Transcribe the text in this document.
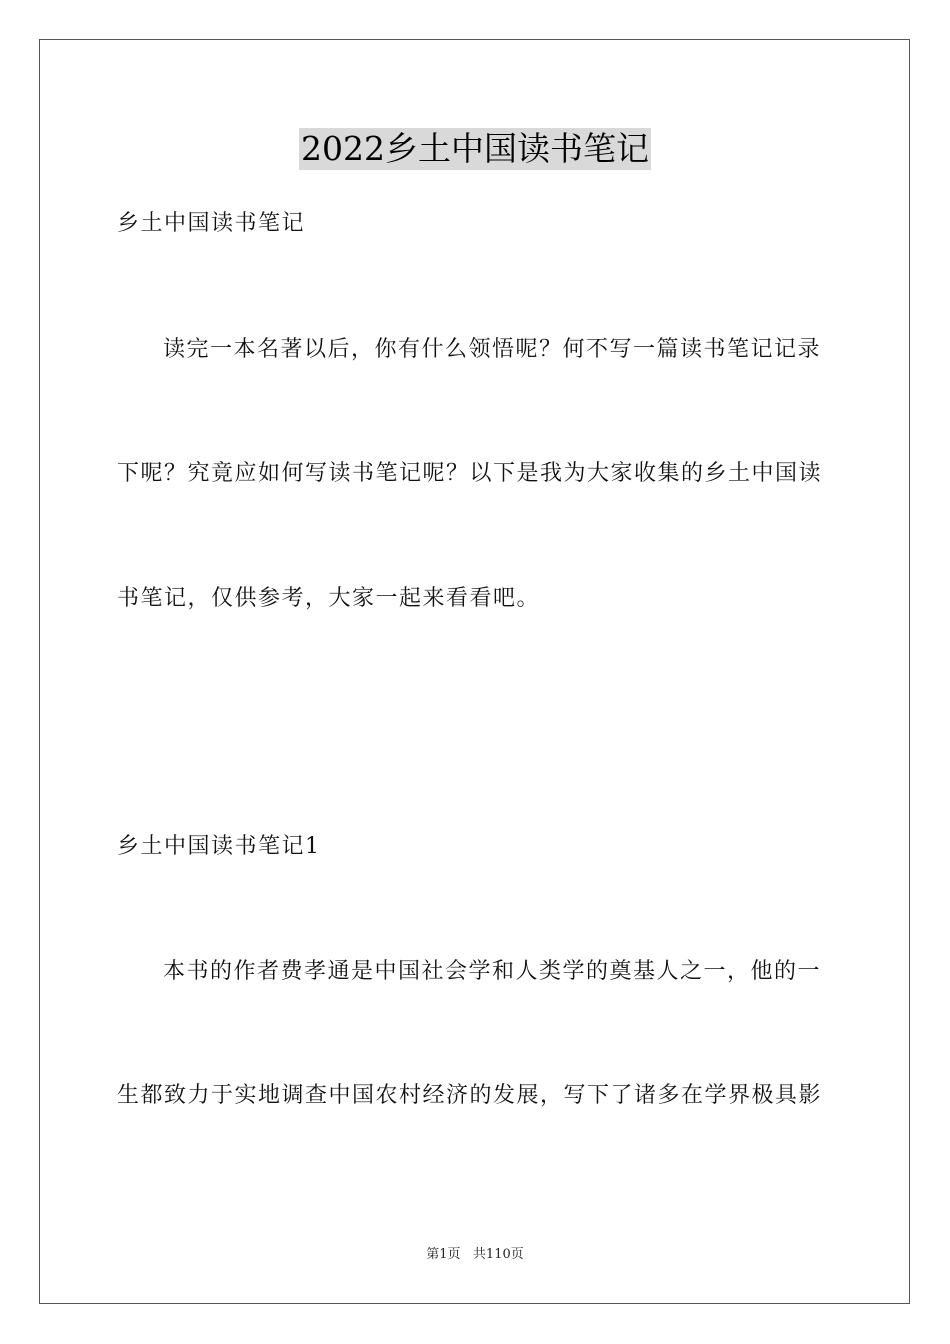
2022乡土中国读书笔记
乡土中国读书笔记
读完一本名著以后，你有什么领悟呢？何不写一篇读书笔记记录
下呢？究竟应如何写读书笔记呢？以下是我为大家收集的乡土中国读
书笔记，仅供参考，大家一起来看看吧。
乡土中国读书笔记1
本书的作者费孝通是中国社会学和人类学的奠基人之一，他的一
生都致力于实地调查中国农村经济的发展，写下了诸多在学界极具影
第1页   共110页
